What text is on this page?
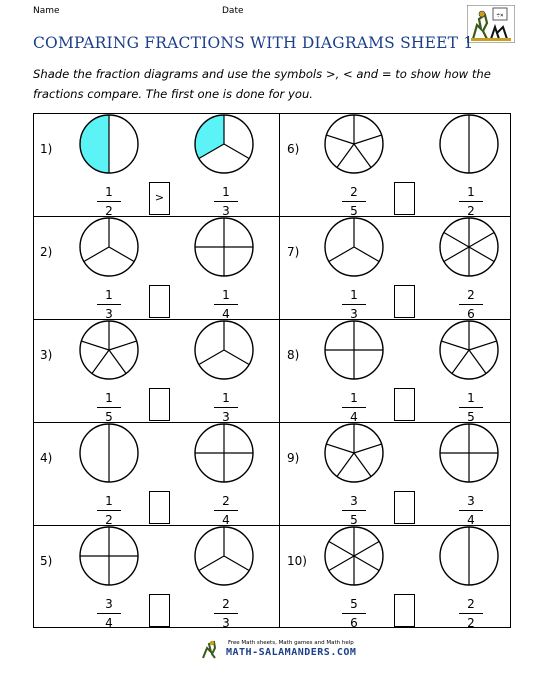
Name	Date	÷×
COMPARING FRACTIONS WITH DIAGRAMS SHEET 1
Shade the fraction diagrams and use the symbols >, < and = to show how the fractions compare. The first one is done for you.
1)
1
2
1
3
>
2)
1
3
1
4
3)
1
5
1
3
4)
1
2
2
4
5)
3
4
2
3
6)
2
5
1
2
7)
1
3
2
6
8)
1
4
1
5
9)
3
5
3
4
10)
5
6
2
2
Free Math sheets, Math games and Math help
MATH-SALAMANDERS.COM
